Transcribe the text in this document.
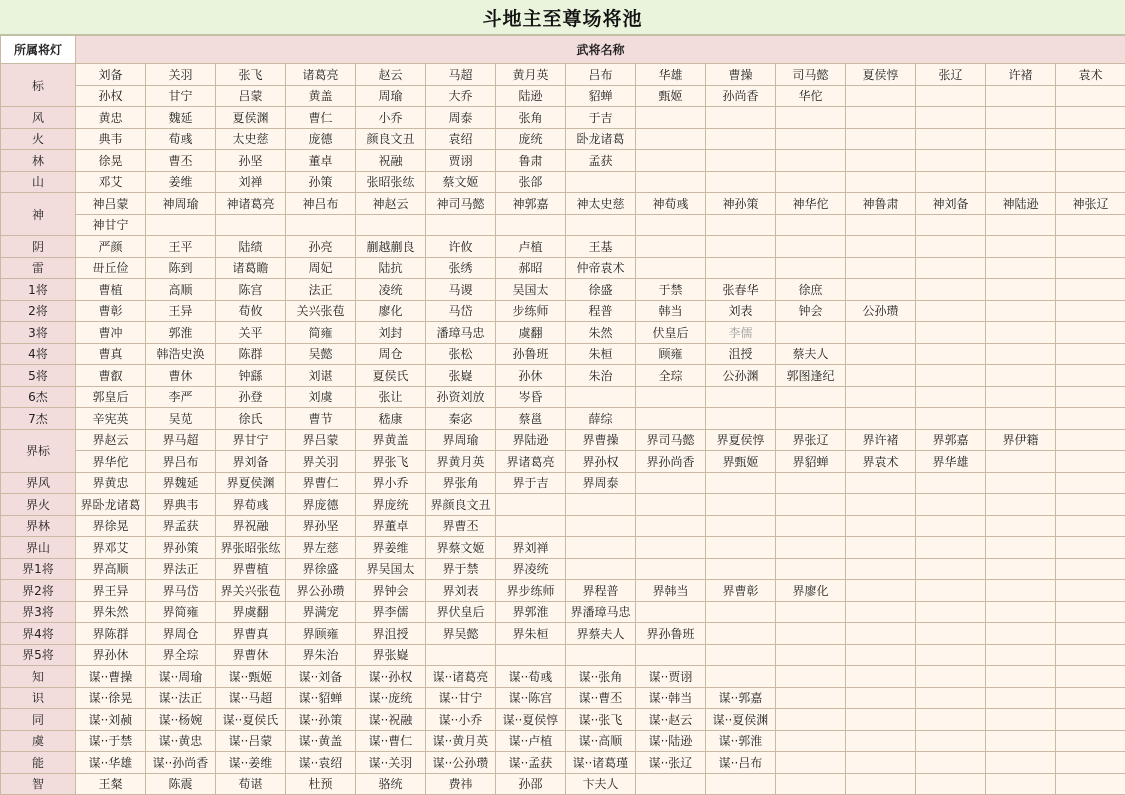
斗地主至尊场将池
所属将灯	武将名称														
标	刘备	关羽	张飞	诸葛亮	赵云	马超	黄月英	吕布	华雄	曹操	司马懿	夏侯惇	张辽	许褚	袁术
	孙权	甘宁	吕蒙	黄盖	周瑜	大乔	陆逊	貂蝉	甄姬	孙尚香	华佗				
风	黄忠	魏延	夏侯渊	曹仁	小乔	周泰	张角	于吉							
火	典韦	荀彧	太史慈	庞德	颜良文丑	袁绍	庞统	卧龙诸葛							
林	徐晃	曹丕	孙坚	董卓	祝融	贾诩	鲁肃	孟获							
山	邓艾	姜维	刘禅	孙策	张昭张纮	蔡文姬	张郃								
神	神吕蒙	神周瑜	神诸葛亮	神吕布	神赵云	神司马懿	神郭嘉	神太史慈	神荀彧	神孙策	神华佗	神鲁肃	神刘备	神陆逊	神张辽
	神甘宁														
阴	严颜	王平	陆绩	孙亮	蒯越蒯良	许攸	卢植	王基							
雷	毌丘俭	陈到	诸葛瞻	周妃	陆抗	张绣	郝昭	仲帝袁术							
1将	曹植	高顺	陈宫	法正	凌统	马谡	吴国太	徐盛	于禁	张春华	徐庶				
2将	曹彰	王异	荀攸	关兴张苞	廖化	马岱	步练师	程普	韩当	刘表	钟会	公孙瓒			
3将	曹冲	郭淮	关平	简雍	刘封	潘璋马忠	虞翻	朱然	伏皇后	李儒					
4将	曹真	韩浩史涣	陈群	吴懿	周仓	张松	孙鲁班	朱桓	顾雍	沮授	蔡夫人				
5将	曹叡	曹休	钟繇	刘谌	夏侯氏	张嶷	孙休	朱治	全琮	公孙渊	郭图逢纪				
6杰	郭皇后	李严	孙登	刘虞	张让	孙资刘放	岑昏								
7杰	辛宪英	吴苋	徐氏	曹节	嵇康	秦宓	蔡邕	薛综							
界标	界赵云	界马超	界甘宁	界吕蒙	界黄盖	界周瑜	界陆逊	界曹操	界司马懿	界夏侯惇	界张辽	界许褚	界郭嘉	界伊籍	
	界华佗	界吕布	界刘备	界关羽	界张飞	界黄月英	界诸葛亮	界孙权	界孙尚香	界甄姬	界貂蝉	界袁术	界华雄		
界风	界黄忠	界魏延	界夏侯渊	界曹仁	界小乔	界张角	界于吉	界周泰							
界火	界卧龙诸葛	界典韦	界荀彧	界庞德	界庞统	界颜良文丑									
界林	界徐晃	界孟获	界祝融	界孙坚	界董卓	界曹丕									
界山	界邓艾	界孙策	界张昭张纮	界左慈	界姜维	界蔡文姬	界刘禅								
界1将	界高顺	界法正	界曹植	界徐盛	界吴国太	界于禁	界凌统								
界2将	界王异	界马岱	界关兴张苞	界公孙瓒	界钟会	界刘表	界步练师	界程普	界韩当	界曹彰	界廖化				
界3将	界朱然	界简雍	界虞翻	界满宠	界李儒	界伏皇后	界郭淮	界潘璋马忠							
界4将	界陈群	界周仓	界曹真	界顾雍	界沮授	界吴懿	界朱桓	界蔡夫人	界孙鲁班						
界5将	界孙休	界全琮	界曹休	界朱治	界张嶷										
知	谋··曹操	谋··周瑜	谋··甄姬	谋··刘备	谋··孙权	谋··诸葛亮	谋··荀彧	谋··张角	谋··贾诩						
识	谋··徐晃	谋··法正	谋··马超	谋··貂蝉	谋··庞统	谋··甘宁	谋··陈宫	谋··曹丕	谋··韩当	谋··郭嘉					
同	谋··刘赪	谋··杨婉	谋··夏侯氏	谋··孙策	谋··祝融	谋··小乔	谋··夏侯惇	谋··张飞	谋··赵云	谋··夏侯渊					
虞	谋··于禁	谋··黄忠	谋··吕蒙	谋··黄盖	谋··曹仁	谋··黄月英	谋··卢植	谋··高顺	谋··陆逊	谋··郭淮					
能	谋··华雄	谋··孙尚香	谋··姜维	谋··袁绍	谋··关羽	谋··公孙瓒	谋··孟获	谋··诸葛瑾	谋··张辽	谋··吕布					
智	王粲	陈震	荀谌	杜预	骆统	费祎	孙邵	卞夫人							
